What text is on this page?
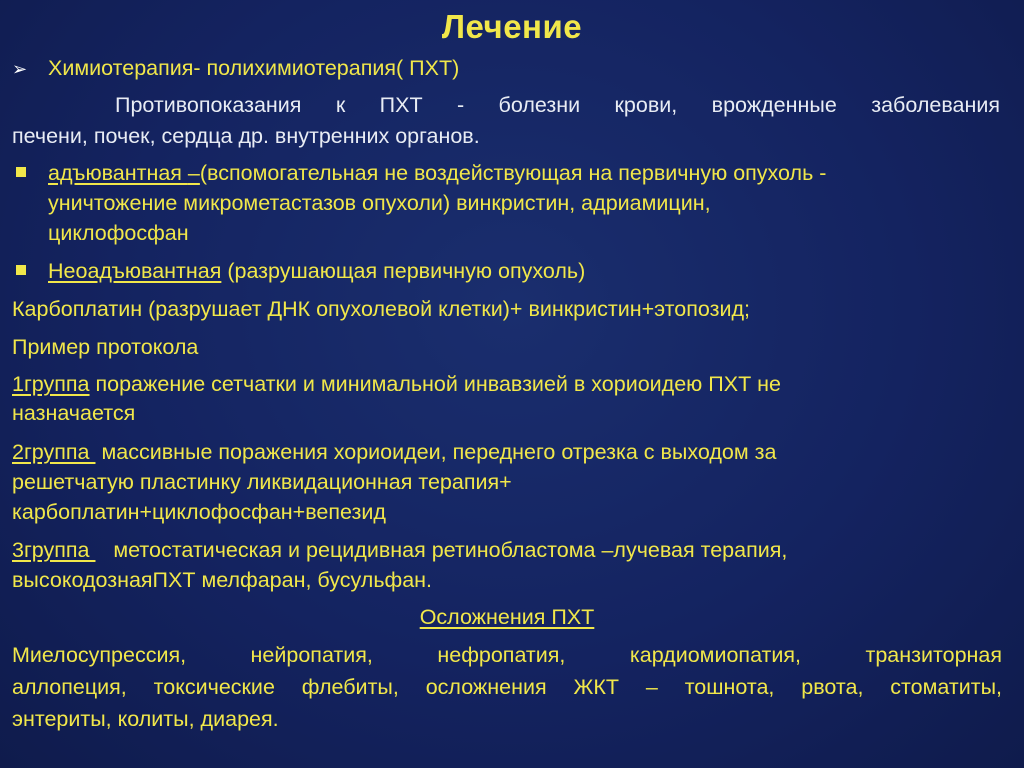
Лечение
➢ Химиотерапия- полихимиотерапия( ПХТ)
Противопоказания к ПХТ - болезни крови, врожденные заболевания
печени, почек, сердца др. внутренних органов.
адъювантная –(вспомогательная не воздействующая на первичную опухоль -
уничтожение микрометастазов опухоли) винкристин, адриамицин,
циклофосфан
Неоадъювантная (разрушающая первичную опухоль)
Карбоплатин (разрушает ДНК опухолевой клетки)+ винкристин+этопозид;
Пример протокола
1группа поражение сетчатки и минимальной инвавзией в хориоидею ПХТ не
назначается
2группа  массивные поражения хориоидеи, переднего отрезка с выходом за
решетчатую пластинку ликвидационная терапия+
карбоплатин+циклофосфан+вепезид
3группа    метостатическая и рецидивная ретинобластома –лучевая терапия,
высокодознаяПХТ мелфаран, бусульфан.
Осложнения ПХТ
Миелосупрессия, нейропатия, нефропатия, кардиомиопатия, транзиторная
аллопеция, токсические флебиты, осложнения ЖКТ – тошнота, рвота, стоматиты,
энтериты, колиты, диарея.
